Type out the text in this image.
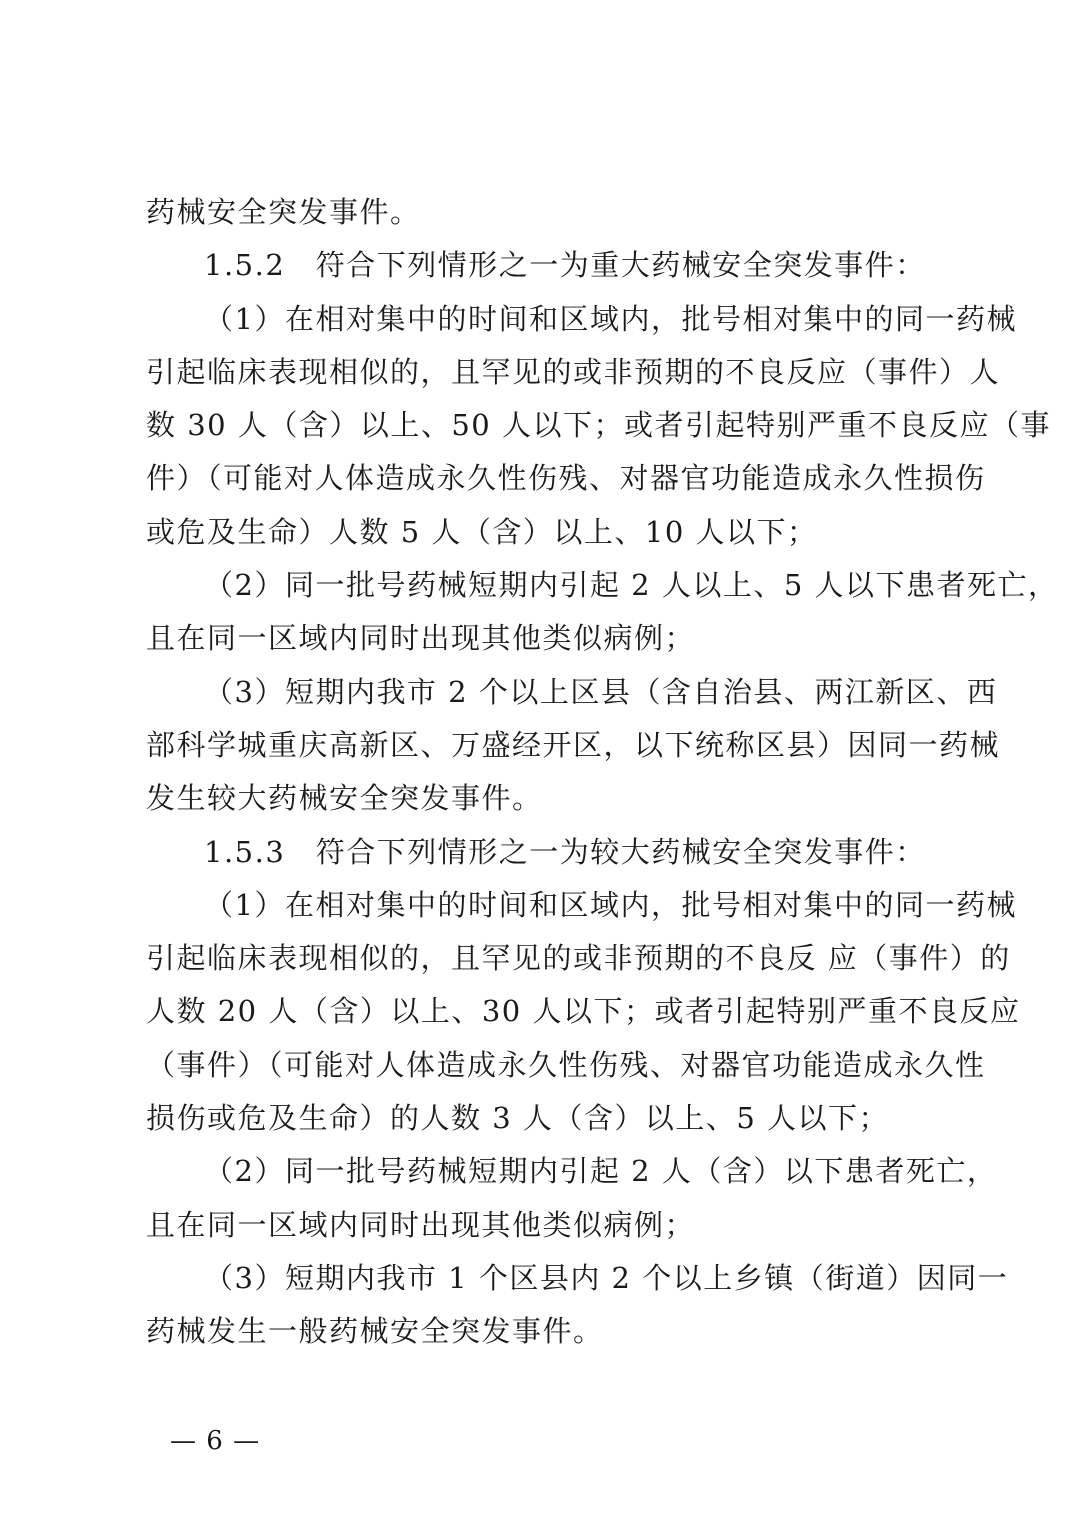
药械安全突发事件。
1.5.2　符合下列情形之一为重大药械安全突发事件：
（1）在相对集中的时间和区域内，批号相对集中的同一药械
引起临床表现相似的，且罕见的或非预期的不良反应（事件）人
数 30 人（含）以上、50 人以下；或者引起特别严重不良反应（事
件）（可能对人体造成永久性伤残、对器官功能造成永久性损伤
或危及生命）人数 5 人（含）以上、10 人以下；
（2）同一批号药械短期内引起 2 人以上、5 人以下患者死亡，
且在同一区域内同时出现其他类似病例；
（3）短期内我市 2 个以上区县（含自治县、两江新区、西
部科学城重庆高新区、万盛经开区，以下统称区县）因同一药械
发生较大药械安全突发事件。
1.5.3　符合下列情形之一为较大药械安全突发事件：
（1）在相对集中的时间和区域内，批号相对集中的同一药械
引起临床表现相似的，且罕见的或非预期的不良反 应（事件）的
人数 20 人（含）以上、30 人以下；或者引起特别严重不良反应
（事件）（可能对人体造成永久性伤残、对器官功能造成永久性
损伤或危及生命）的人数 3 人（含）以上、5 人以下；
（2）同一批号药械短期内引起 2 人（含）以下患者死亡，
且在同一区域内同时出现其他类似病例；
（3）短期内我市 1 个区县内 2 个以上乡镇（街道）因同一
药械发生一般药械安全突发事件。
— 6 —
